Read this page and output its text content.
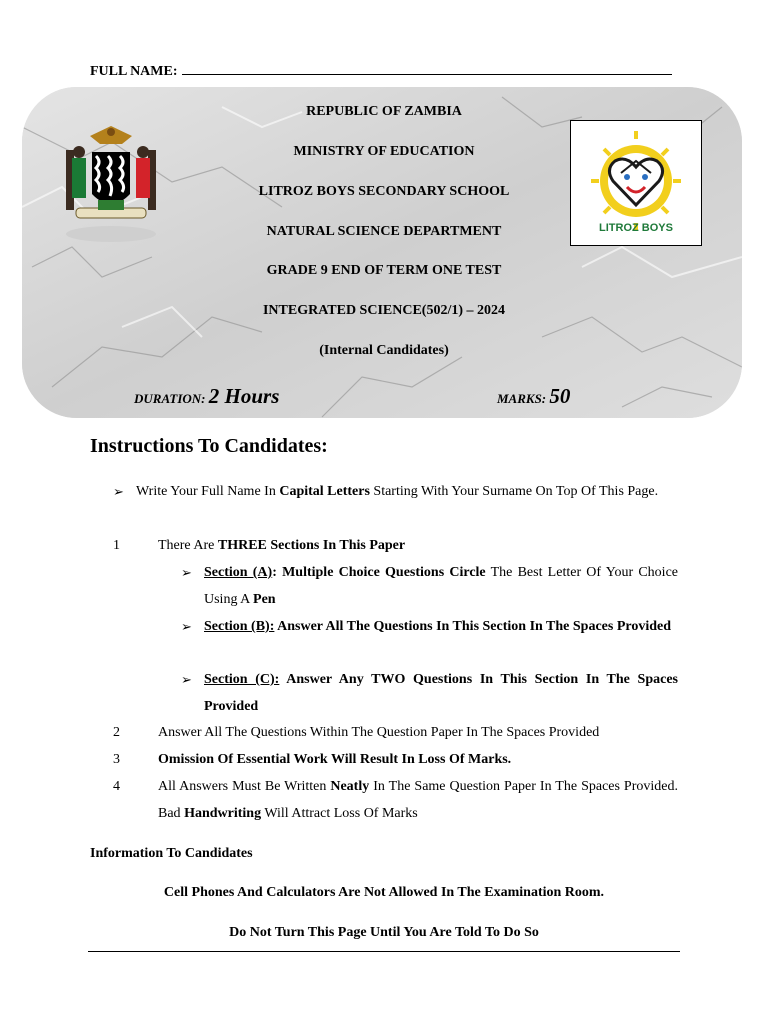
FULL NAME:
LITROZ BOYS
REPUBLIC OF ZAMBIA
MINISTRY OF EDUCATION
LITROZ BOYS SECONDARY SCHOOL
NATURAL SCIENCE DEPARTMENT
GRADE 9 END OF TERM ONE TEST
INTEGRATED SCIENCE(502/1) – 2024
(Internal Candidates)
DURATION: 2 Hours	MARKS: 50
Instructions To Candidates:
➢ Write Your Full Name In Capital Letters Starting With Your Surname On Top Of This Page.
1	There Are THREE Sections In This Paper
➢ Section (A): Multiple Choice Questions Circle The Best Letter Of Your Choice Using A Pen
➢ Section (B): Answer All The Questions In This Section In The Spaces Provided
➢ Section (C): Answer Any TWO Questions In This Section In The Spaces Provided
2	Answer All The Questions Within The Question Paper In The Spaces Provided
3	Omission Of Essential Work Will Result In Loss Of Marks.
4	All Answers Must Be Written Neatly In The Same Question Paper In The Spaces Provided. Bad Handwriting Will Attract Loss Of Marks
Information To Candidates
Cell Phones And Calculators Are Not Allowed In The Examination Room.
Do Not Turn This Page Until You Are Told To Do So
